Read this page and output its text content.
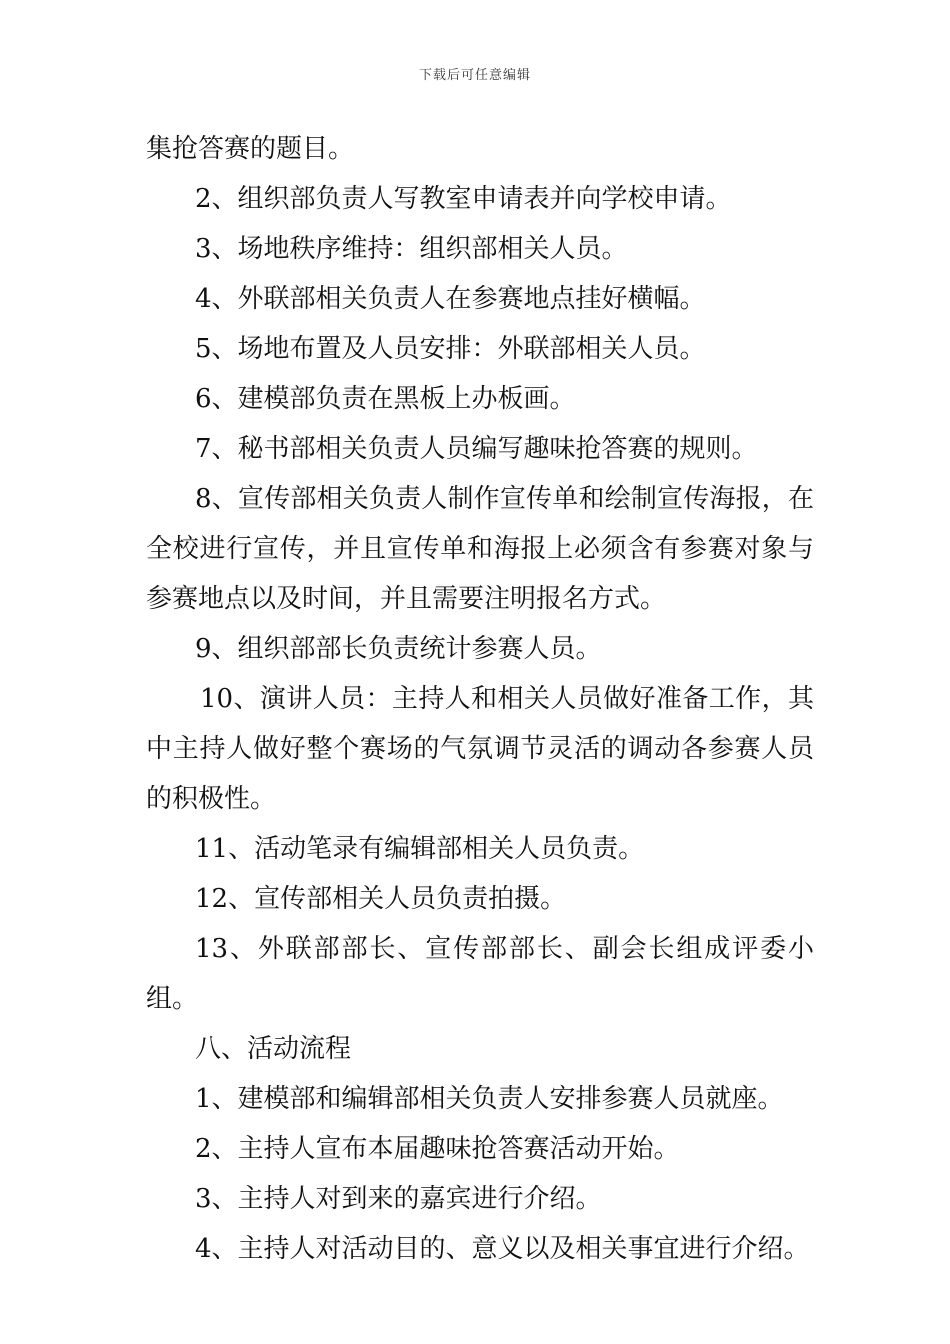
下载后可任意编辑

集抢答赛的题目。

2、组织部负责人写教室申请表并向学校申请。

3、场地秩序维持：组织部相关人员。

4、外联部相关负责人在参赛地点挂好横幅。

5、场地布置及人员安排：外联部相关人员。

6、建模部负责在黑板上办板画。

7、秘书部相关负责人员编写趣味抢答赛的规则。

8、宣传部相关负责人制作宣传单和绘制宣传海报，在全校进行宣传，并且宣传单和海报上必须含有参赛对象与参赛地点以及时间，并且需要注明报名方式。

9、组织部部长负责统计参赛人员。

10、演讲人员：主持人和相关人员做好准备工作，其中主持人做好整个赛场的气氛调节灵活的调动各参赛人员的积极性。

11、活动笔录有编辑部相关人员负责。

12、宣传部相关人员负责拍摄。

13、外联部部长、宣传部部长、副会长组成评委小组。

八、活动流程

1、建模部和编辑部相关负责人安排参赛人员就座。

2、主持人宣布本届趣味抢答赛活动开始。

3、主持人对到来的嘉宾进行介绍。

4、主持人对活动目的、意义以及相关事宜进行介绍。
